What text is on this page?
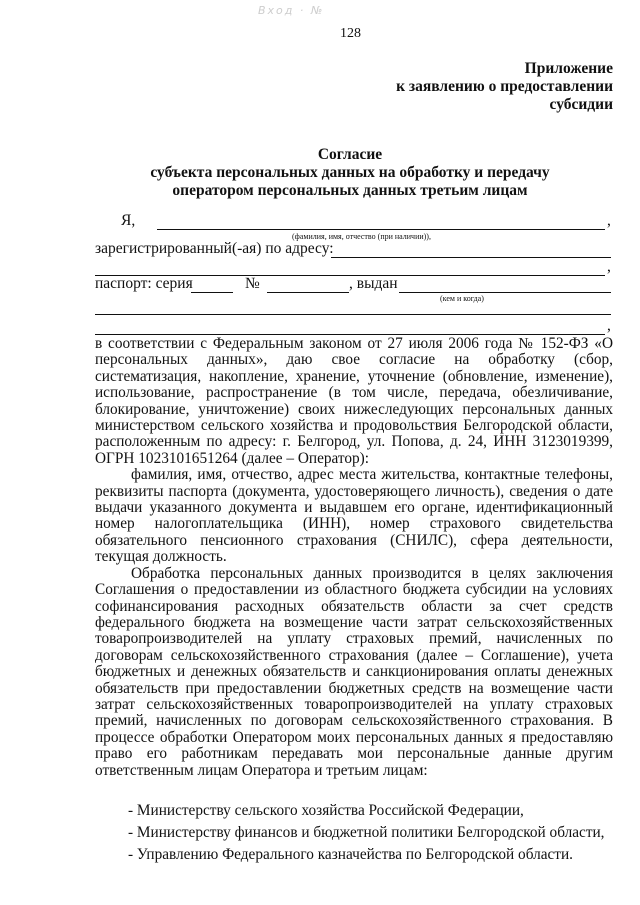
Вход · №
128
Приложение
к заявлению о предоставлении
субсидии
Согласие
субъекта персональных данных на обработку и передачу
оператором персональных данных третьим лицам
Я,	,
(фамилия, имя, отчество (при наличии)),
зарегистрированный(-ая) по адресу:
,
паспорт: серия	№	, выдан
(кем и когда)
,

в соответствии с Федеральным законом от 27 июля 2006 года № 152-ФЗ «О персональных данных», даю свое согласие на обработку (сбор, систематизация, накопление, хранение, уточнение (обновление, изменение), использование, распространение (в том числе, передача, обезличивание, блокирование, уничтожение) своих нижеследующих персональных данных министерством сельского хозяйства и продовольствия Белгородской области, расположенным по адресу: г. Белгород, ул. Попова, д. 24, ИНН 3123019399, ОГРН 1023101651264 (далее – Оператор):

фамилия, имя, отчество, адрес места жительства, контактные телефоны, реквизиты паспорта (документа, удостоверяющего личность), сведения о дате выдачи указанного документа и выдавшем его органе, идентификационный номер налогоплательщика (ИНН), номер страхового свидетельства обязательного пенсионного страхования (СНИЛС), сфера деятельности, текущая должность.

Обработка персональных данных производится в целях заключения Соглашения о предоставлении из областного бюджета субсидии на условиях софинансирования расходных обязательств области за счет средств федерального бюджета на возмещение части затрат сельскохозяйственных товаропроизводителей на уплату страховых премий, начисленных по договорам сельскохозяйственного страхования (далее – Соглашение), учета бюджетных и денежных обязательств и санкционирования оплаты денежных обязательств при предоставлении бюджетных средств на возмещение части затрат сельскохозяйственных товаропроизводителей на уплату страховых премий, начисленных по договорам сельскохозяйственного страхования. В процессе обработки Оператором моих персональных данных я предоставляю право его работникам передавать мои персональные данные другим ответственным лицам Оператора и третьим лицам:

- Министерству сельского хозяйства Российской Федерации,
- Министерству финансов и бюджетной политики Белгородской области,
- Управлению Федерального казначейства по Белгородской области.
